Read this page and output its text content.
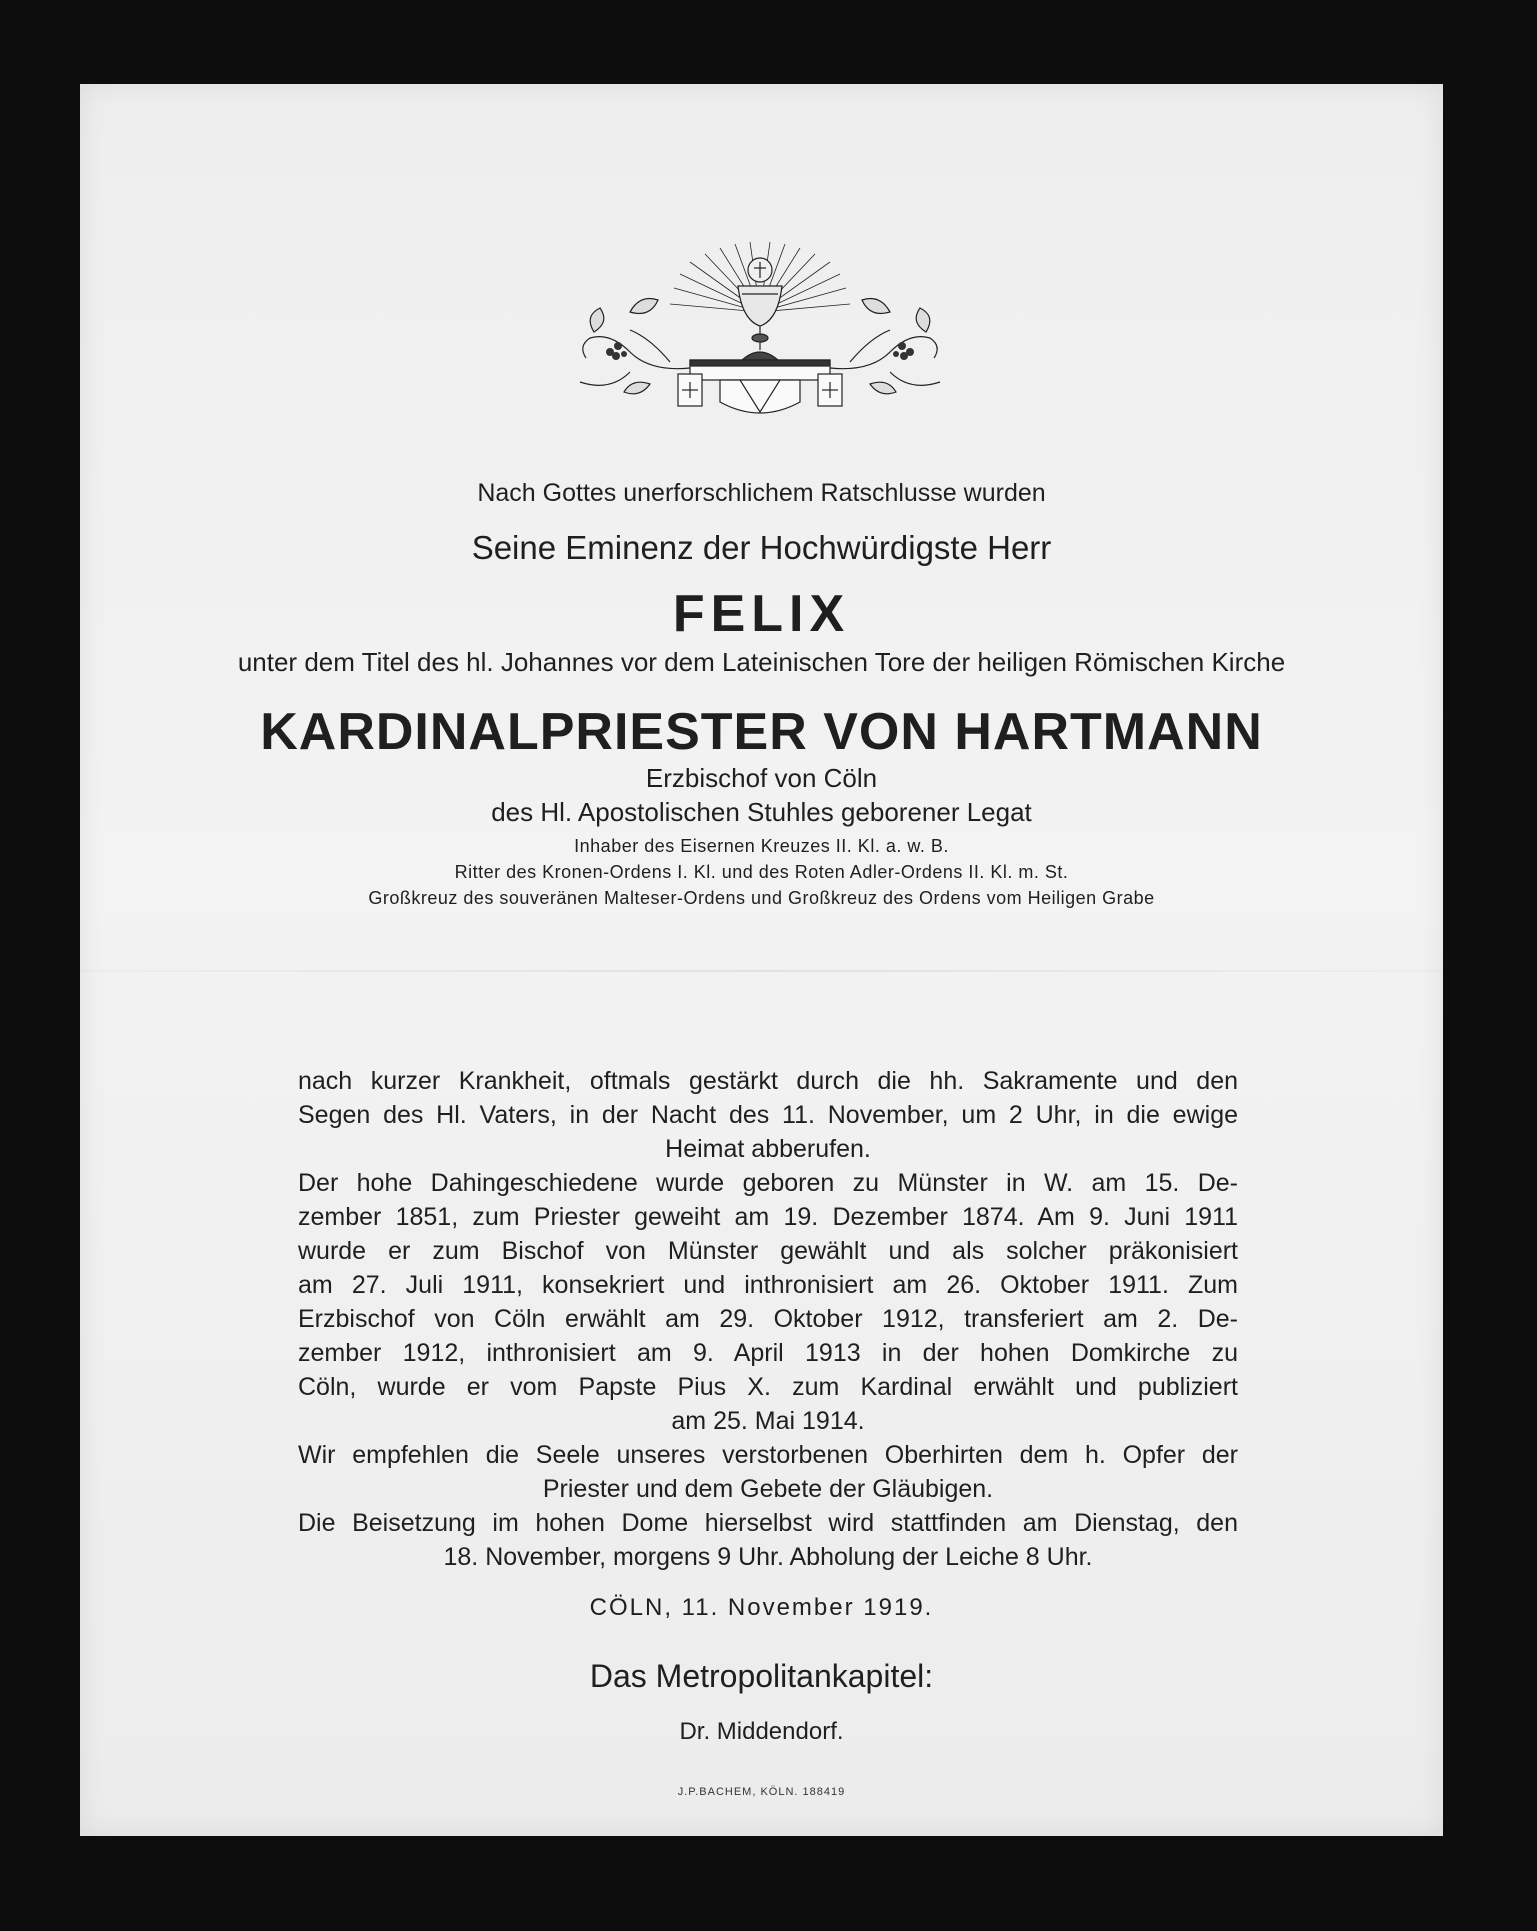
Nach Gottes unerforschlichem Ratschlusse wurden
Seine Eminenz der Hochwürdigste Herr
FELIX
unter dem Titel des hl. Johannes vor dem Lateinischen Tore der heiligen Römischen Kirche
KARDINALPRIESTER VON HARTMANN
Erzbischof von Cöln
des Hl. Apostolischen Stuhles geborener Legat
Inhaber des Eisernen Kreuzes II. Kl. a. w. B.
Ritter des Kronen-Ordens I. Kl. und des Roten Adler-Ordens II. Kl. m. St.
Großkreuz des souveränen Malteser-Ordens und Großkreuz des Ordens vom Heiligen Grabe
nach kurzer Krankheit, oftmals gestärkt durch die hh. Sakramente und den
Segen des Hl. Vaters, in der Nacht des 11. November, um 2 Uhr, in die ewige
Heimat abberufen.
Der hohe Dahingeschiedene wurde geboren zu Münster in W. am 15. De-
zember 1851, zum Priester geweiht am 19. Dezember 1874. Am 9. Juni 1911
wurde er zum Bischof von Münster gewählt und als solcher präkonisiert
am 27. Juli 1911, konsekriert und inthronisiert am 26. Oktober 1911. Zum
Erzbischof von Cöln erwählt am 29. Oktober 1912, transferiert am 2. De-
zember 1912, inthronisiert am 9. April 1913 in der hohen Domkirche zu
Cöln, wurde er vom Papste Pius X. zum Kardinal erwählt und publiziert
am 25. Mai 1914.
Wir empfehlen die Seele unseres verstorbenen Oberhirten dem h. Opfer der
Priester und dem Gebete der Gläubigen.
Die Beisetzung im hohen Dome hierselbst wird stattfinden am Dienstag, den
18. November, morgens 9 Uhr. Abholung der Leiche 8 Uhr.
CÖLN, 11. November 1919.
Das Metropolitankapitel:
Dr. Middendorf.
J.P.BACHEM, KÖLN. 188419
